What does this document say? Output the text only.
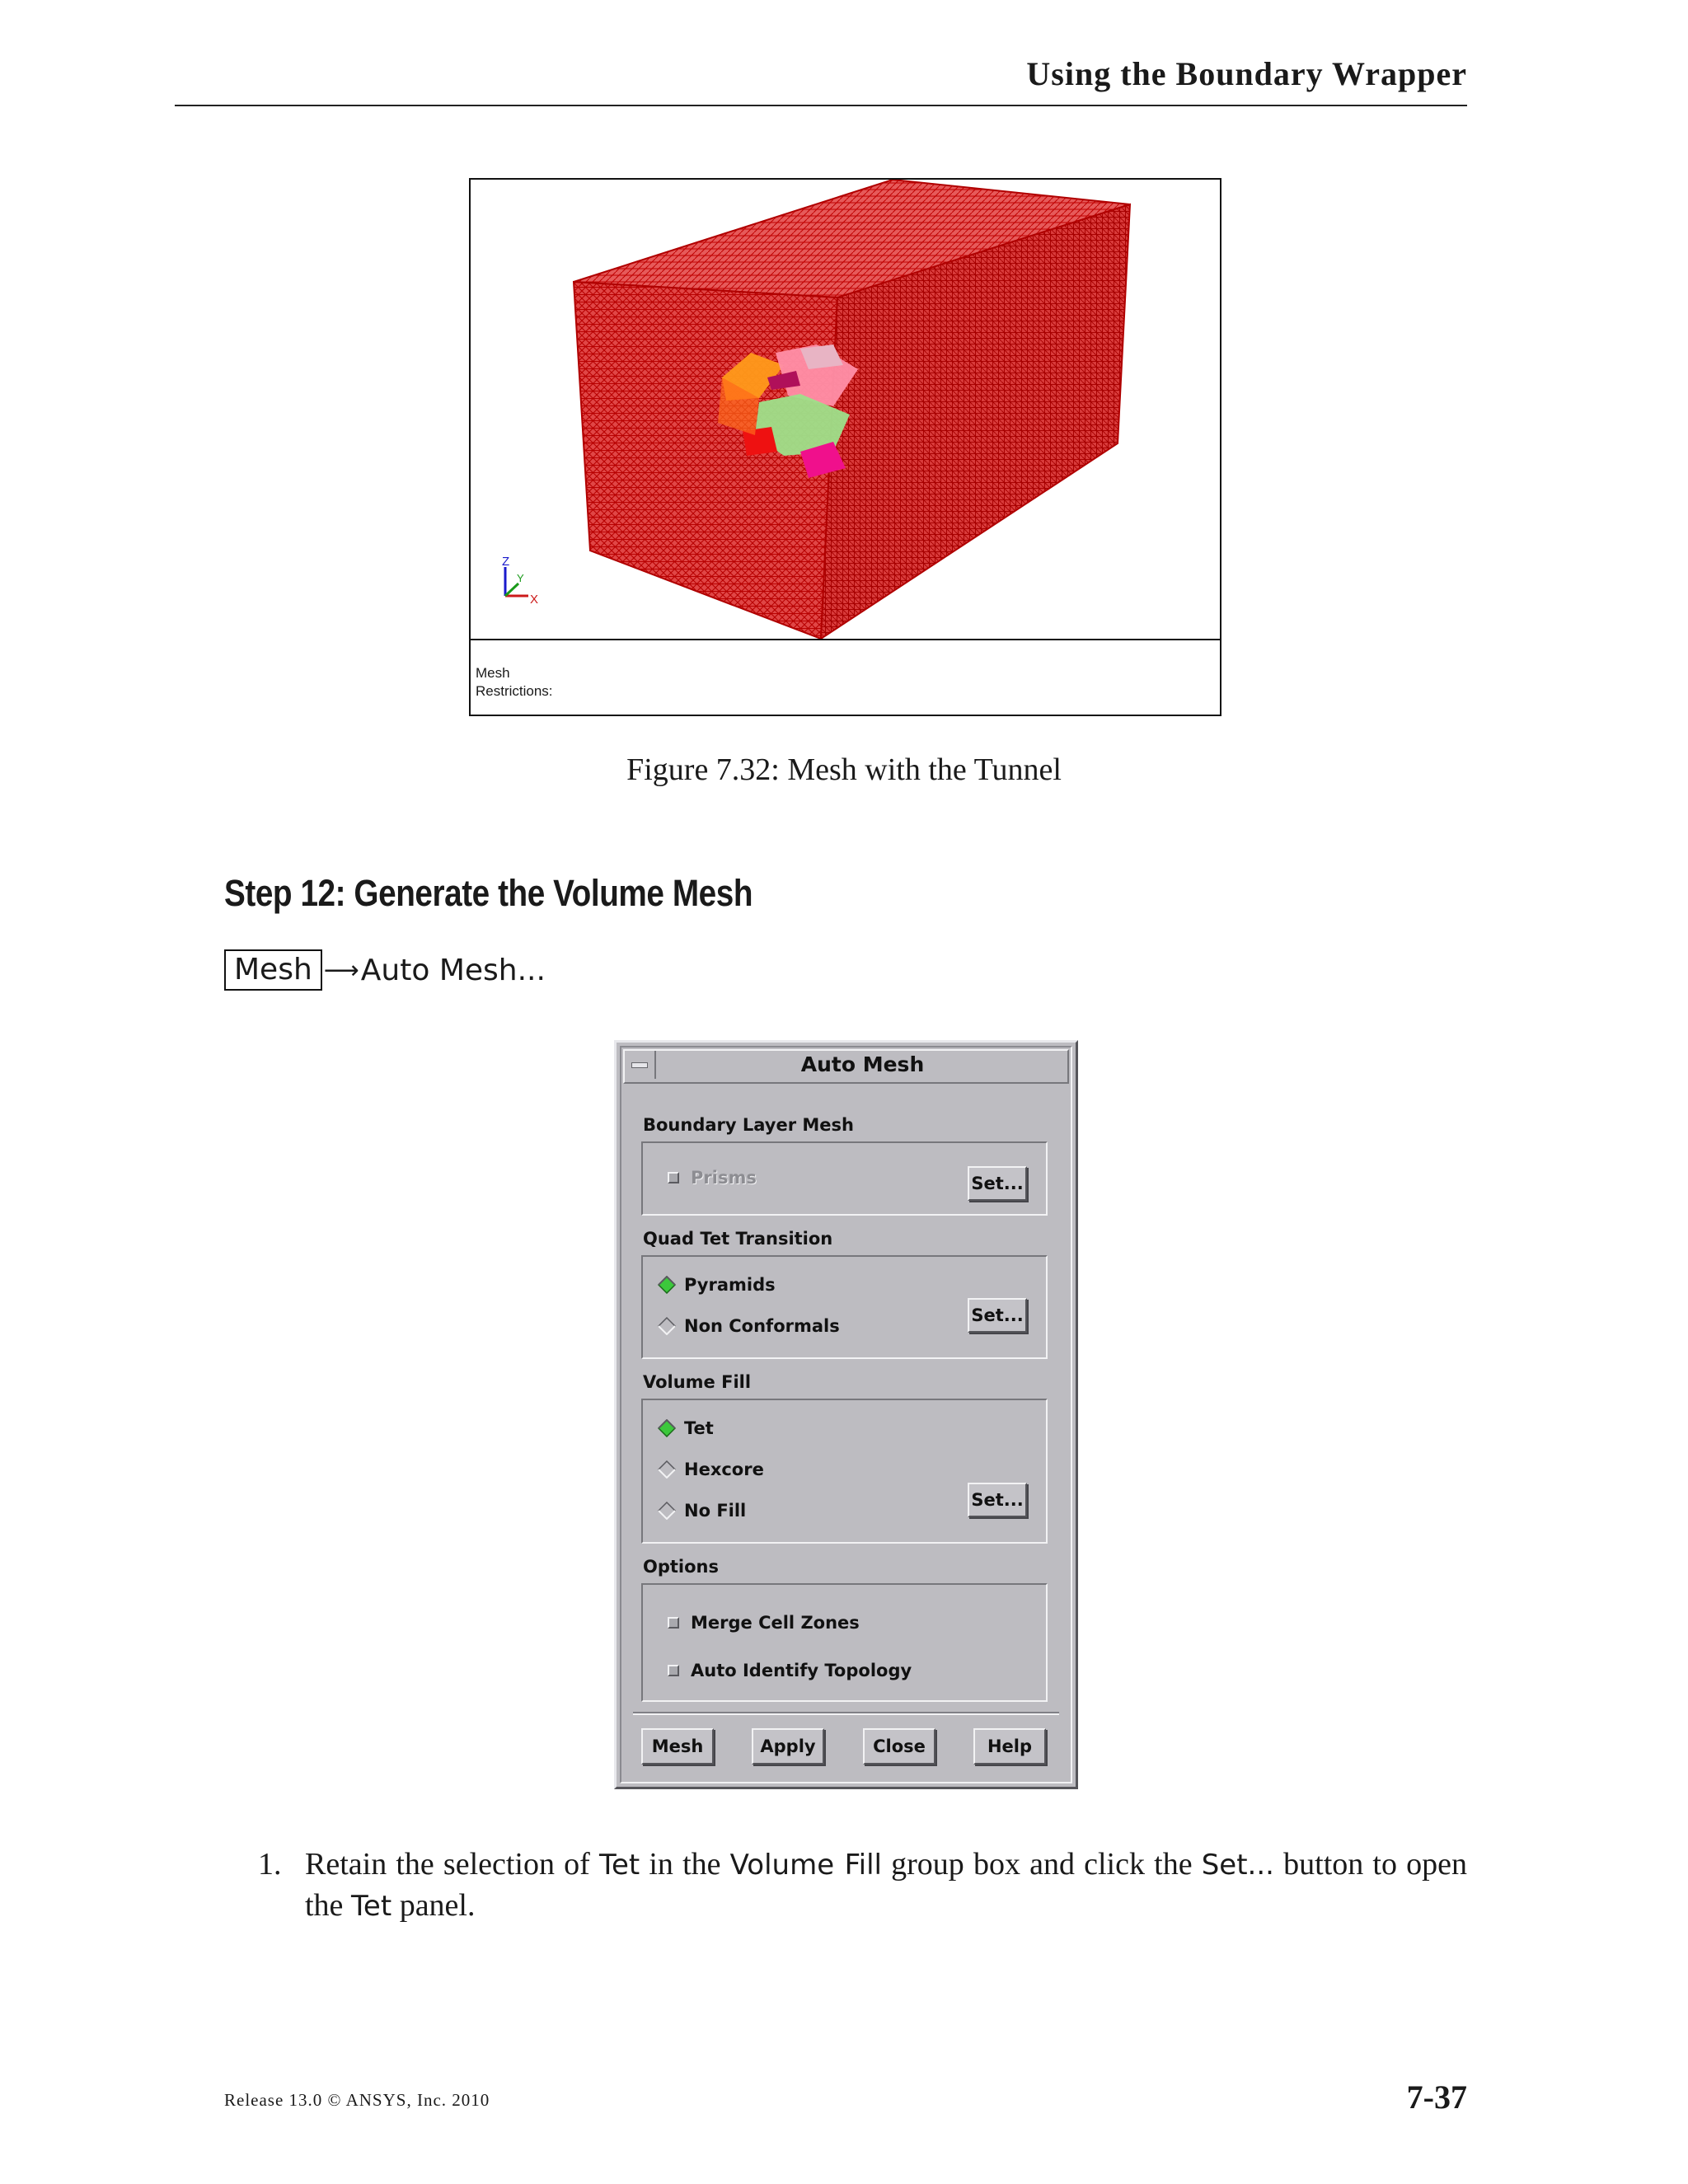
Using the Boundary Wrapper
Z
Y
X
Mesh
Restrictions:
Figure 7.32: Mesh with the Tunnel
Step 12: Generate the Volume Mesh
Mesh ⟶ Auto Mesh...
Auto Mesh
Boundary Layer Mesh
Prisms	Set...
Quad Tet Transition
Pyramids
Non Conformals
Set...
Volume Fill
Tet
Hexcore
No Fill
Set...
Options
Merge Cell Zones
Auto Identify Topology
Mesh	Apply	Close	Help
1. Retain the selection of Tet in the Volume Fill group box and click the Set... button to open the Tet panel.
Release 13.0 © ANSYS, Inc. 2010	7-37
